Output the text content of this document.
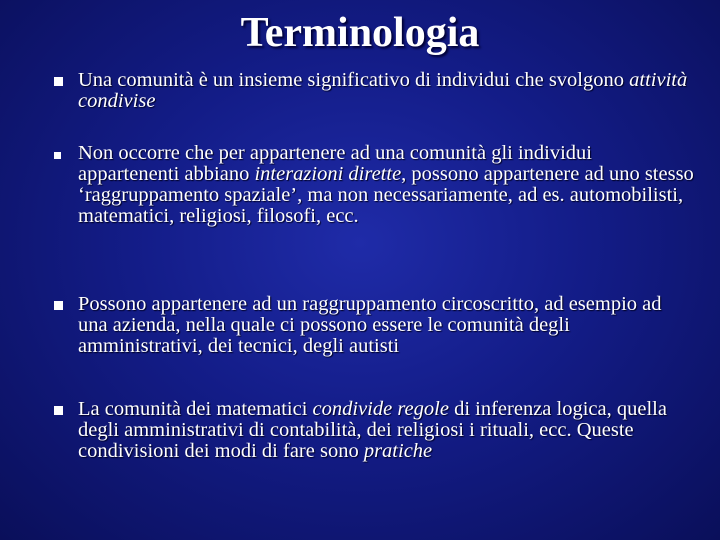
Terminologia
Una comunità è un insieme significativo di individui che svolgono attività condivise
Non occorre che per appartenere ad una comunità gli individui appartenenti abbiano interazioni dirette, possono appartenere ad uno stesso ‘raggruppamento spaziale’, ma non necessariamente, ad es. automobilisti, matematici, religiosi, filosofi, ecc.
Possono appartenere ad un raggruppamento circoscritto, ad esempio ad una azienda, nella quale ci possono essere le comunità degli amministrativi, dei tecnici, degli autisti
La comunità dei matematici condivide regole di inferenza logica, quella degli amministrativi di contabilità, dei religiosi i rituali, ecc. Queste condivisioni dei modi di fare sono pratiche
